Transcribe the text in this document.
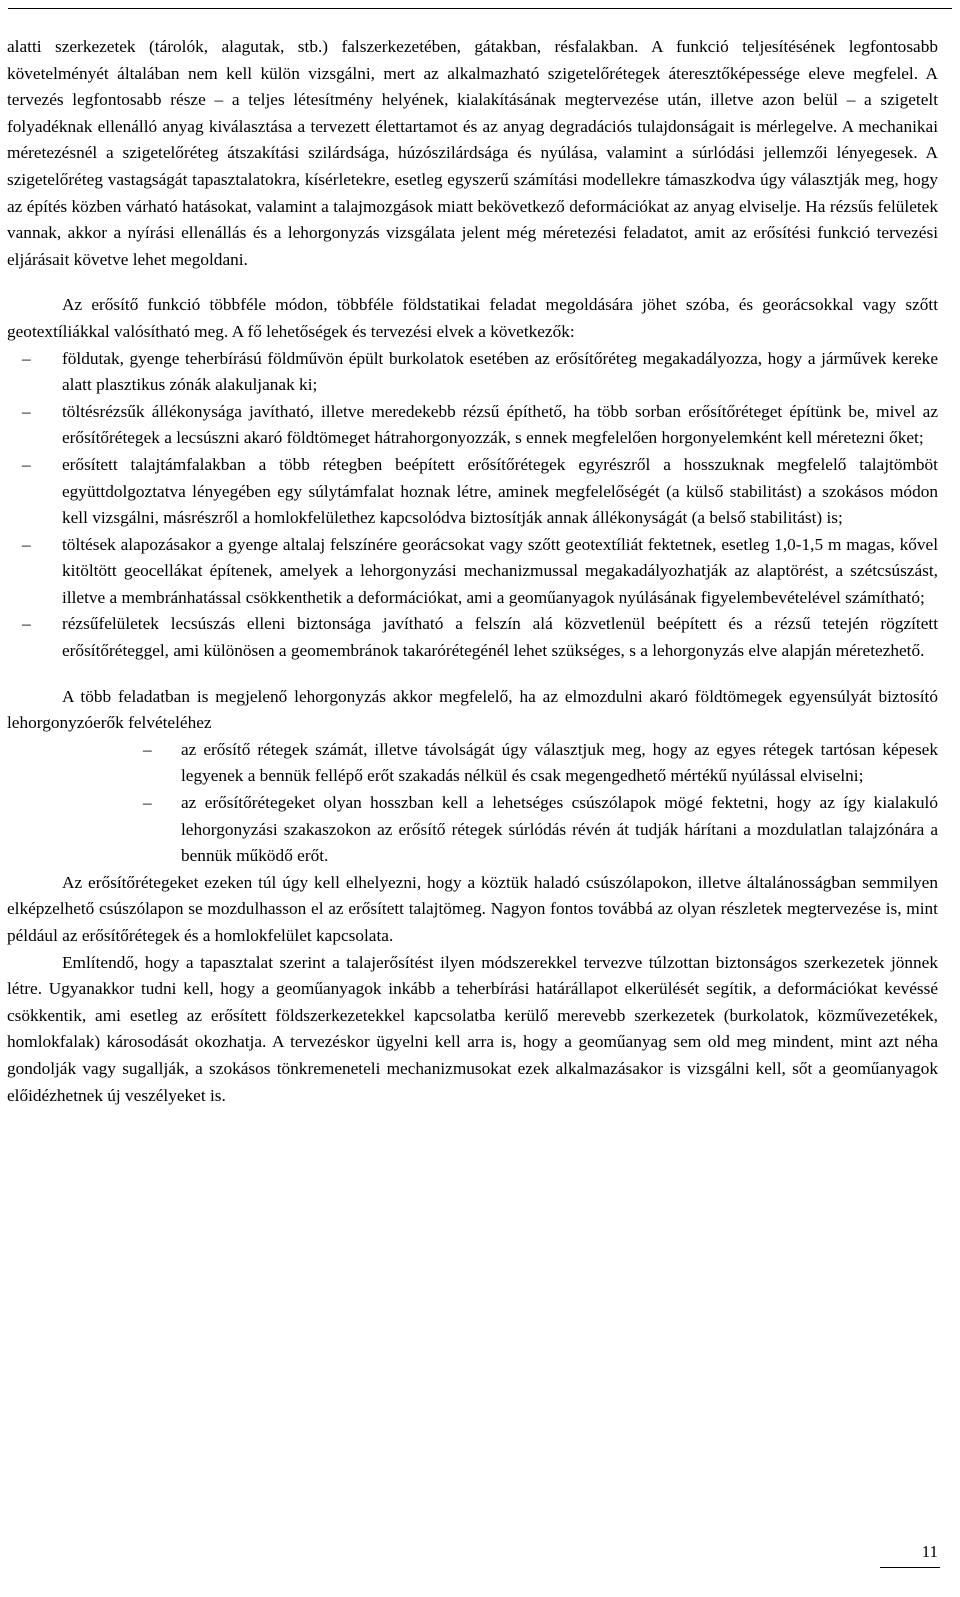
alatti szerkezetek (tárolók, alagutak, stb.) falszerkezetében, gátakban, résfalakban. A funkció teljesítésének legfontosabb követelményét általában nem kell külön vizsgálni, mert az alkalmazható szigetelőrétegek áteresztőképessége eleve megfelel. A tervezés legfontosabb része – a teljes létesítmény helyének, kialakításának megtervezése után, illetve azon belül – a szigetelt folyadéknak ellenálló anyag kiválasztása a tervezett élettartamot és az anyag degradációs tulajdonságait is mérlegelve. A mechanikai méretezésnél a szigetelőréteg átszakítási szilárdsága, húzószilárdsága és nyúlása, valamint a súrlódási jellemzői lényegesek. A szigetelőréteg vastagságát tapasztalatokra, kísérletekre, esetleg egyszerű számítási modellekre támaszkodva úgy választják meg, hogy az építés közben várható hatásokat, valamint a talajmozgások miatt bekövetkező deformációkat az anyag elviselje. Ha rézsűs felületek vannak, akkor a nyírási ellenállás és a lehorgonyzás vizsgálata jelent még méretezési feladatot, amit az erősítési funkció tervezési eljárásait követve lehet megoldani.

Az erősítő funkció többféle módon, többféle földstatikai feladat megoldására jöhet szóba, és georácsokkal vagy szőtt geotextíliákkal valósítható meg. A fő lehetőségek és tervezési elvek a következők:

– földutak, gyenge teherbírású földművön épült burkolatok esetében az erősítőréteg megakadályozza, hogy a járművek kereke alatt plasztikus zónák alakuljanak ki;
– töltésrézsűk állékonysága javítható, illetve meredekebb rézsű építhető, ha több sorban erősítőréteget építünk be, mivel az erősítőrétegek a lecsúszni akaró földtömeget hátrahorgonyozzák, s ennek megfelelően horgonyelemként kell méretezni őket;
– erősített talajtámfalakban a több rétegben beépített erősítőrétegek egyrészről a hosszuknak megfelelő talajtömböt együttdolgoztatva lényegében egy súlytámfalat hoznak létre, aminek megfelelőségét (a külső stabilitást) a szokásos módon kell vizsgálni, másrészről a homlokfelülethez kapcsolódva biztosítják annak állékonyságát (a belső stabilitást) is;
– töltések alapozásakor a gyenge altalaj felszínére georácsokat vagy szőtt geotextíliát fektetnek, esetleg 1,0-1,5 m magas, kővel kitöltött geocellákat építenek, amelyek a lehorgonyzási mechanizmussal megakadályozhatják az alaptörést, a szétcsúszást, illetve a membránhatással csökkenthetik a deformációkat, ami a geoműanyagok nyúlásának figyelembevételével számítható;
– rézsűfelületek lecsúszás elleni biztonsága javítható a felszín alá közvetlenül beépített és a rézsű tetején rögzített erősítőréteggel, ami különösen a geomembránok takarórétegénél lehet szükséges, s a lehorgonyzás elve alapján méretezhető.

A több feladatban is megjelenő lehorgonyzás akkor megfelelő, ha az elmozdulni akaró földtömegek egyensúlyát biztosító lehorgonyzóerők felvételéhez

– az erősítő rétegek számát, illetve távolságát úgy választjuk meg, hogy az egyes rétegek tartósan képesek legyenek a bennük fellépő erőt szakadás nélkül és csak megengedhető mértékű nyúlással elviselni;
– az erősítőrétegeket olyan hosszban kell a lehetséges csúszólapok mögé fektetni, hogy az így kialakuló lehorgonyzási szakaszokon az erősítő rétegek súrlódás révén át tudják hárítani a mozdulatlan talajzónára a bennük működő erőt.

Az erősítőrétegeket ezeken túl úgy kell elhelyezni, hogy a köztük haladó csúszólapokon, illetve általánosságban semmilyen elképzelhető csúszólapon se mozdulhasson el az erősített talajtömeg. Nagyon fontos továbbá az olyan részletek megtervezése is, mint például az erősítőrétegek és a homlokfelület kapcsolata.

Említendő, hogy a tapasztalat szerint a talajerősítést ilyen módszerekkel tervezve túlzottan biztonságos szerkezetek jönnek létre. Ugyanakkor tudni kell, hogy a geoműanyagok inkább a teherbírási határállapot elkerülését segítik, a deformációkat kevéssé csökkentik, ami esetleg az erősített földszerkezetekkel kapcsolatba kerülő merevebb szerkezetek (burkolatok, közművezetékek, homlokfalak) károsodását okozhatja. A tervezéskor ügyelni kell arra is, hogy a geoműanyag sem old meg mindent, mint azt néha gondolják vagy sugallják, a szokásos tönkremeneteli mechanizmusokat ezek alkalmazásakor is vizsgálni kell, sőt a geoműanyagok előidézhetnek új veszélyeket is.

11
